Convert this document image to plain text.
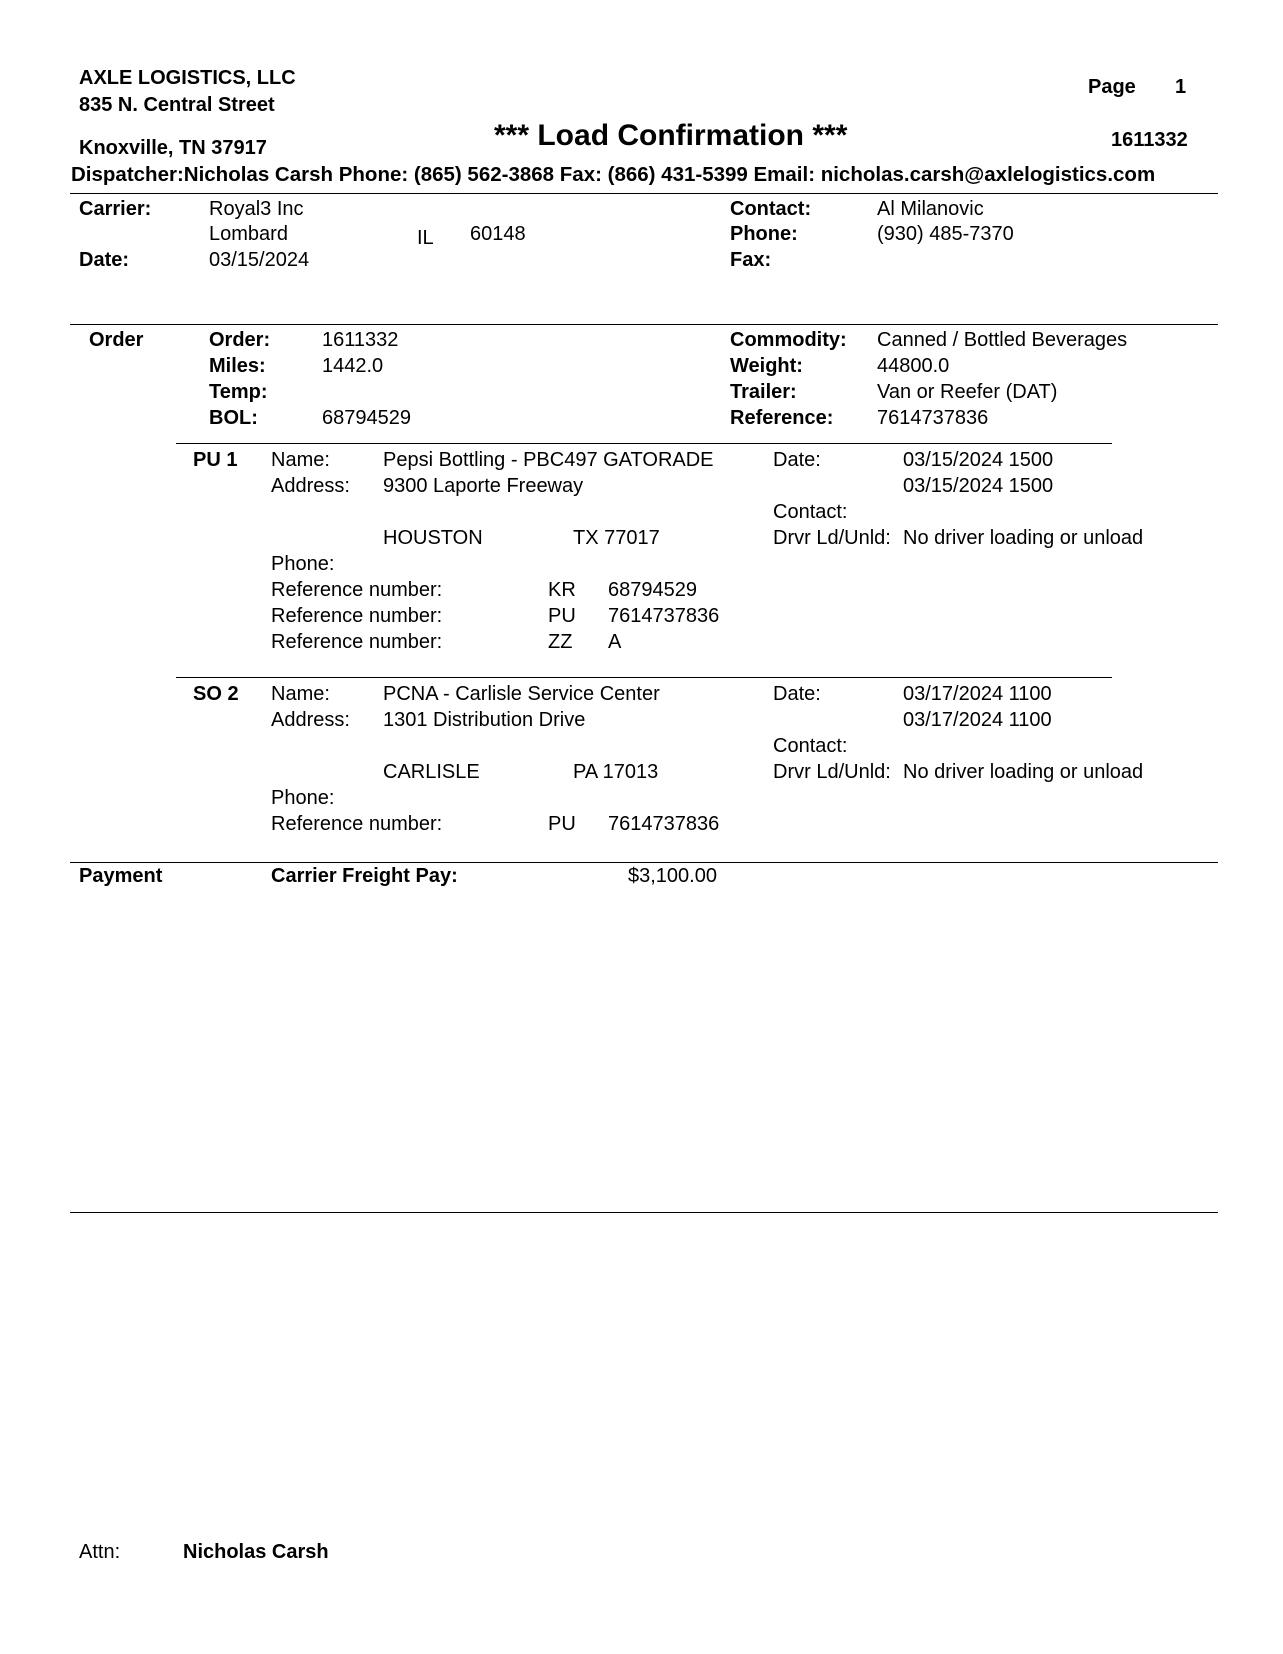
AXLE LOGISTICS, LLC
835 N. Central Street
Knoxville, TN 37917
Page 1
*** Load Confirmation ***	1611332
Dispatcher:Nicholas Carsh Phone: (865) 562-3868 Fax: (866) 431-5399 Email: nicholas.carsh@axlelogistics.com
Carrier:	Royal3 Inc
Lombard	IL 60148
Date:	03/15/2024
Contact:	Al Milanovic
Phone:	(930) 485-7370
Fax:
Order	Order:	1611332
Miles:	1442.0
Temp:
BOL:	68794529
Commodity: Canned / Bottled Beverages
Weight:	44800.0
Trailer:	Van or Reefer (DAT)
Reference: 7614737836
PU 1 Name:	Pepsi Bottling - PBC497 GATORADE
Address: 9300 Laporte Freeway
HOUSTON	TX 77017
Phone:
Date:	03/15/2024 1500
03/15/2024 1500
Contact:
Drvr Ld/Unld: No driver loading or unload
Reference number:	KR 68794529
Reference number:	PU 7614737836
Reference number:	ZZ A
SO 2 Name:	PCNA - Carlisle Service Center
Address: 1301 Distribution Drive
CARLISLE	PA 17013
Phone:
Date:	03/17/2024 1100
03/17/2024 1100
Contact:
Drvr Ld/Unld: No driver loading or unload
Reference number:	PU 7614737836
Payment	Carrier Freight Pay:	$3,100.00
Attn:	Nicholas Carsh
